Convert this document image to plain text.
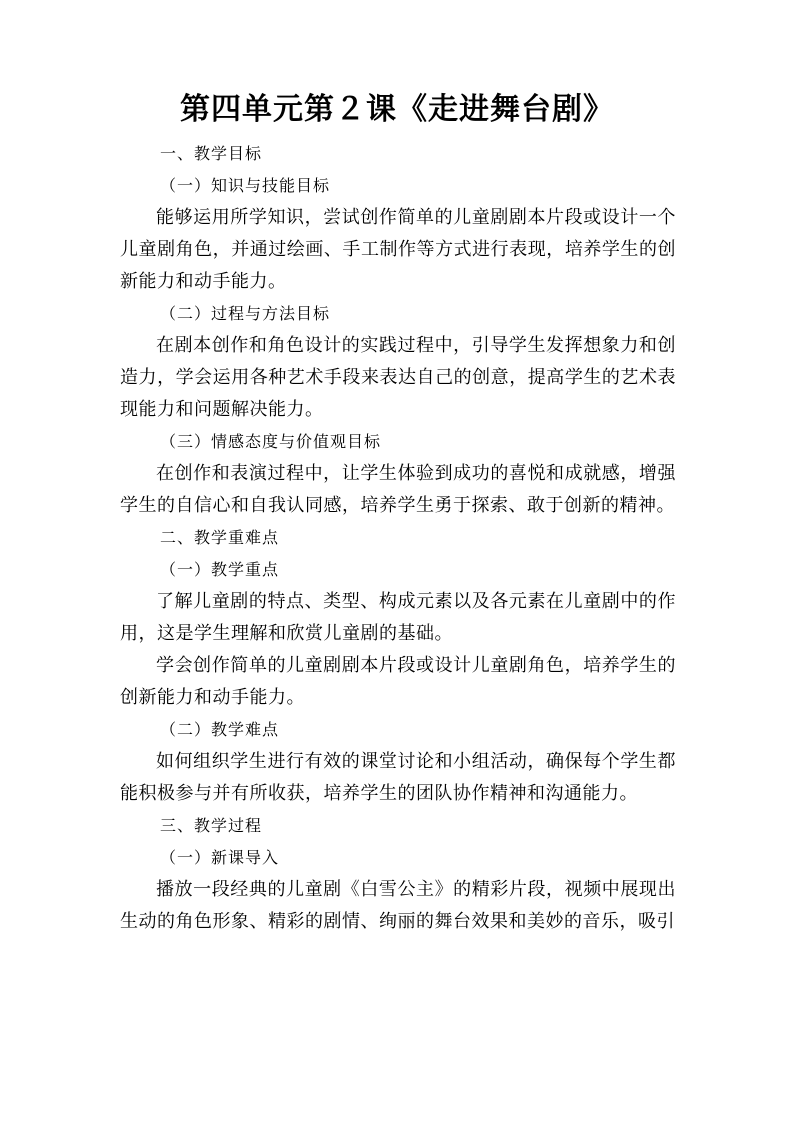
第四单元第２课《走进舞台剧》

一、教学目标

（一）知识与技能目标

能够运用所学知识，尝试创作简单的儿童剧剧本片段或设计一个儿童剧角色，并通过绘画、手工制作等方式进行表现，培养学生的创新能力和动手能力。

（二）过程与方法目标

在剧本创作和角色设计的实践过程中，引导学生发挥想象力和创造力，学会运用各种艺术手段来表达自己的创意，提高学生的艺术表现能力和问题解决能力。

（三）情感态度与价值观目标

在创作和表演过程中，让学生体验到成功的喜悦和成就感，增强学生的自信心和自我认同感，培养学生勇于探索、敢于创新的精神。

二、教学重难点

（一）教学重点

了解儿童剧的特点、类型、构成元素以及各元素在儿童剧中的作用，这是学生理解和欣赏儿童剧的基础。

学会创作简单的儿童剧剧本片段或设计儿童剧角色，培养学生的创新能力和动手能力。

（二）教学难点

如何组织学生进行有效的课堂讨论和小组活动，确保每个学生都能积极参与并有所收获，培养学生的团队协作精神和沟通能力。

三、教学过程

（一）新课导入

播放一段经典的儿童剧《白雪公主》的精彩片段，视频中展现出生动的角色形象、精彩的剧情、绚丽的舞台效果和美妙的音乐，吸引
